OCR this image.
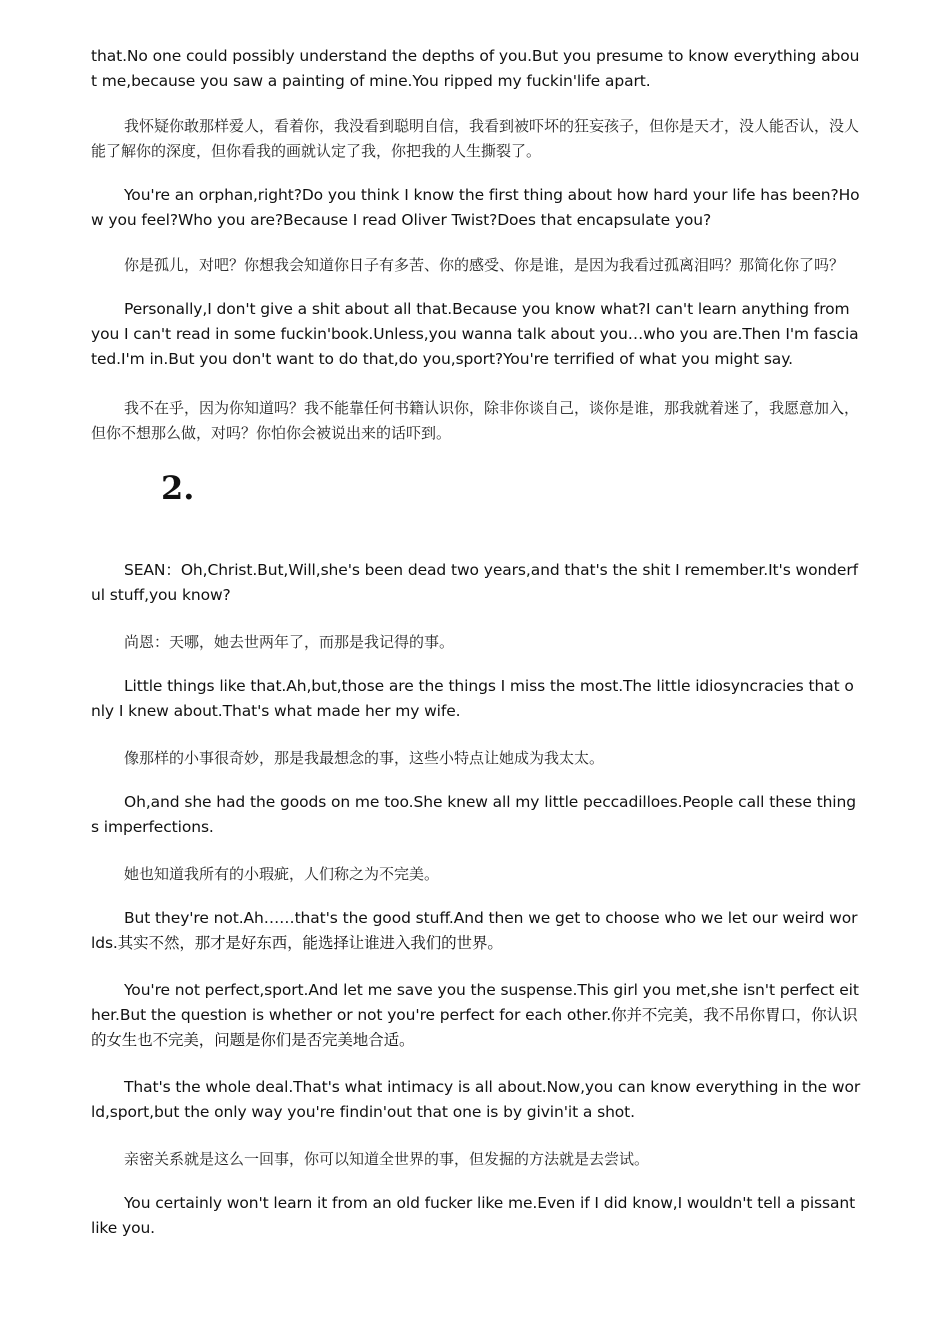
that.No one could possibly understand the depths of you.But you presume to know everything about me,because you saw a painting of mine.You ripped my fuckin'life apart.

我怀疑你敢那样爱人，看着你，我没看到聪明自信，我看到被吓坏的狂妄孩子，但你是天才，没人能否认，没人能了解你的深度，但你看我的画就认定了我，你把我的人生撕裂了。

You're an orphan,right?Do you think I know the first thing about how hard your life has been?How you feel?Who you are?Because I read Oliver Twist?Does that encapsulate you?

你是孤儿，对吧？你想我会知道你日子有多苦、你的感受、你是谁，是因为我看过孤离泪吗？那简化你了吗？

Personally,I don't give a shit about all that.Because you know what?I can't learn anything from you I can't read in some fuckin'book.Unless,you wanna talk about you…who you are.Then I'm fasciated.I'm in.But you don't want to do that,do you,sport?You're terrified of what you might say.

我不在乎，因为你知道吗？我不能靠任何书籍认识你，除非你谈自己，谈你是谁，那我就着迷了，我愿意加入，但你不想那么做，对吗？你怕你会被说出来的话吓到。

2.

SEAN：Oh,Christ.But,Will,she's been dead two years,and that's the shit I remember.It's wonderful stuff,you know?

尚恩：天哪，她去世两年了，而那是我记得的事。

Little things like that.Ah,but,those are the things I miss the most.The little idiosyncracies that only I knew about.That's what made her my wife.

像那样的小事很奇妙，那是我最想念的事，这些小特点让她成为我太太。

Oh,and she had the goods on me too.She knew all my little peccadilloes.People call these things imperfections.

她也知道我所有的小瑕疵，人们称之为不完美。

But they're not.Ah……that's the good stuff.And then we get to choose who we let our weird worlds.其实不然，那才是好东西，能选择让谁进入我们的世界。

You're not perfect,sport.And let me save you the suspense.This girl you met,she isn't perfect either.But the question is whether or not you're perfect for each other.你并不完美，我不吊你胃口，你认识的女生也不完美，问题是你们是否完美地合适。

That's the whole deal.That's what intimacy is all about.Now,you can know everything in the world,sport,but the only way you're findin'out that one is by givin'it a shot.

亲密关系就是这么一回事，你可以知道全世界的事，但发掘的方法就是去尝试。

You certainly won't learn it from an old fucker like me.Even if I did know,I wouldn't tell a pissant like you.
